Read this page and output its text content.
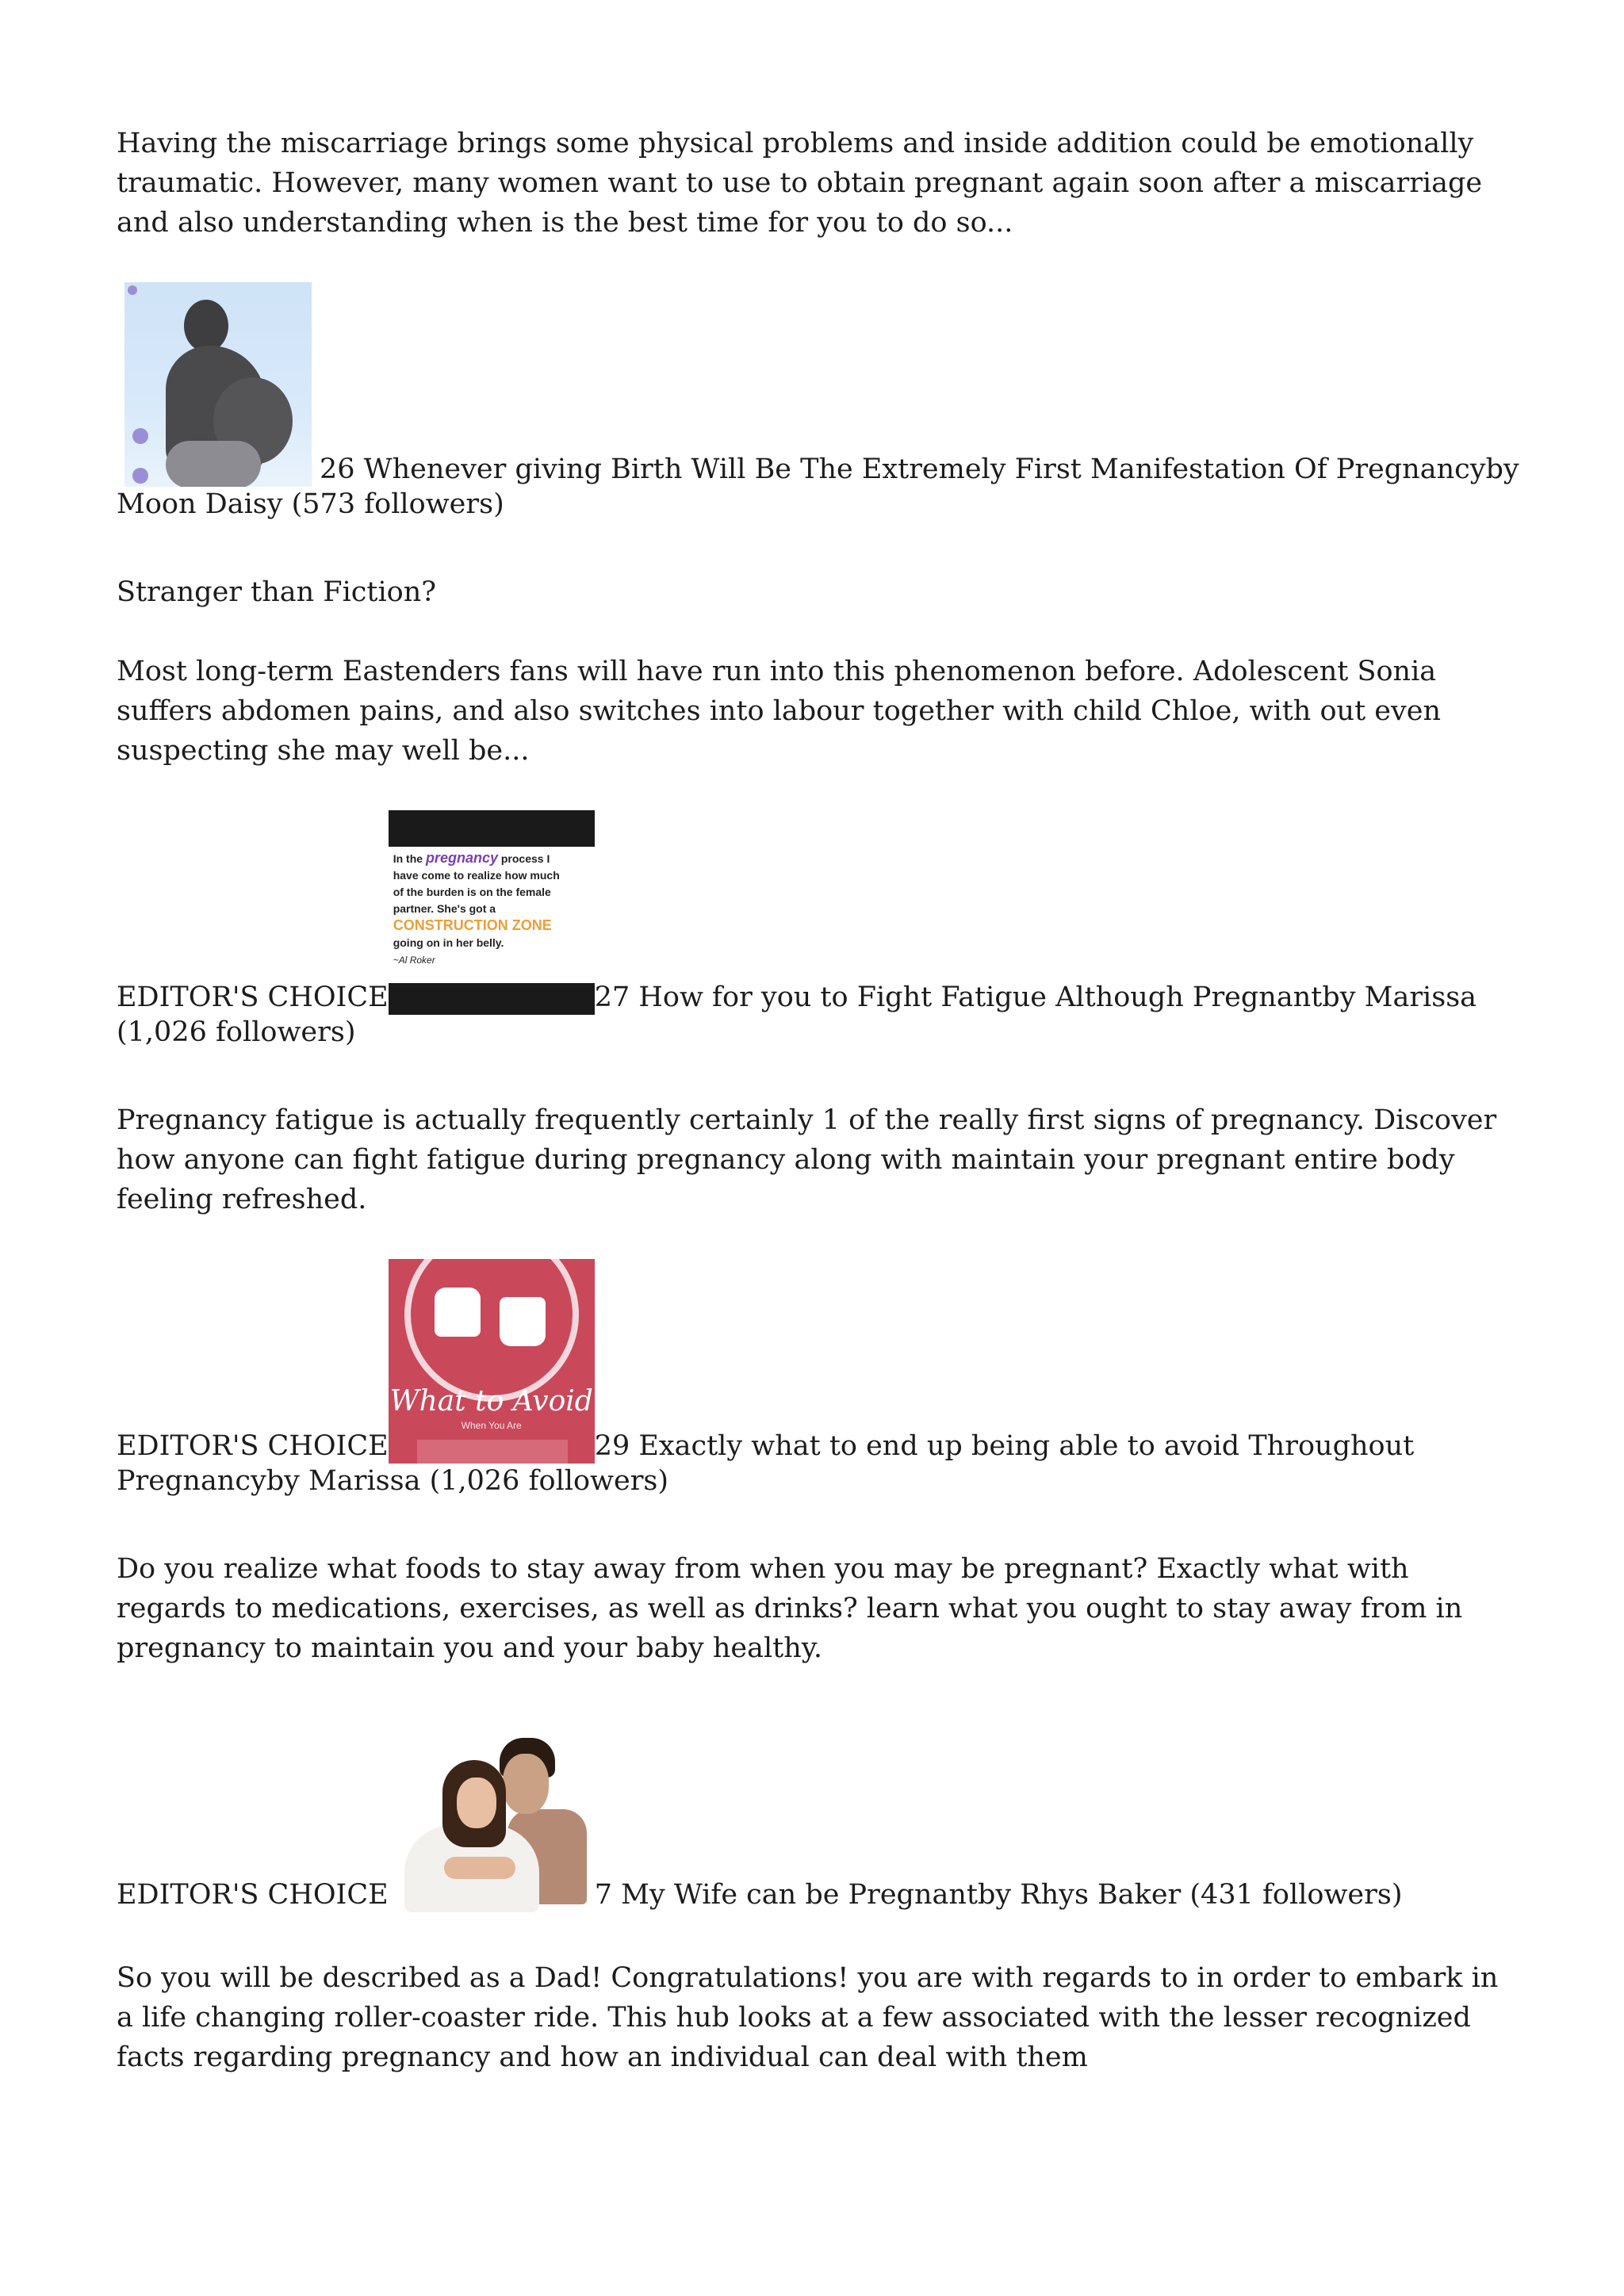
Having the miscarriage brings some physical problems and inside addition could be emotionally traumatic. However, many women want to use to obtain pregnant again soon after a miscarriage and also understanding when is the best time for you to do so...

26 Whenever giving Birth Will Be The Extremely First Manifestation Of Pregnancyby
Moon Daisy (573 followers)

Stranger than Fiction?

Most long-term Eastenders fans will have run into this phenomenon before. Adolescent Sonia suffers abdomen pains, and also switches into labour together with child Chloe, with out even suspecting she may well be...

EDITOR'S CHOICE
In the pregnancy process I
have come to realize how much
of the burden is on the female
partner. She's got a
CONSTRUCTION ZONE
going on in her belly.
~Al Roker
27 How for you to Fight Fatigue Although Pregnantby Marissa
(1,026 followers)

Pregnancy fatigue is actually frequently certainly 1 of the really first signs of pregnancy. Discover how anyone can fight fatigue during pregnancy along with maintain your pregnant entire body feeling refreshed.

EDITOR'S CHOICE
What to Avoid
When You Are
29 Exactly what to end up being able to avoid Throughout
Pregnancyby Marissa (1,026 followers)

Do you realize what foods to stay away from when you may be pregnant? Exactly what with regards to medications, exercises, as well as drinks? learn what you ought to stay away from in pregnancy to maintain you and your baby healthy.

EDITOR'S CHOICE	7 My Wife can be Pregnantby Rhys Baker (431 followers)

So you will be described as a Dad! Congratulations! you are with regards to in order to embark in a life changing roller-coaster ride. This hub looks at a few associated with the lesser recognized facts regarding pregnancy and how an individual can deal with them
